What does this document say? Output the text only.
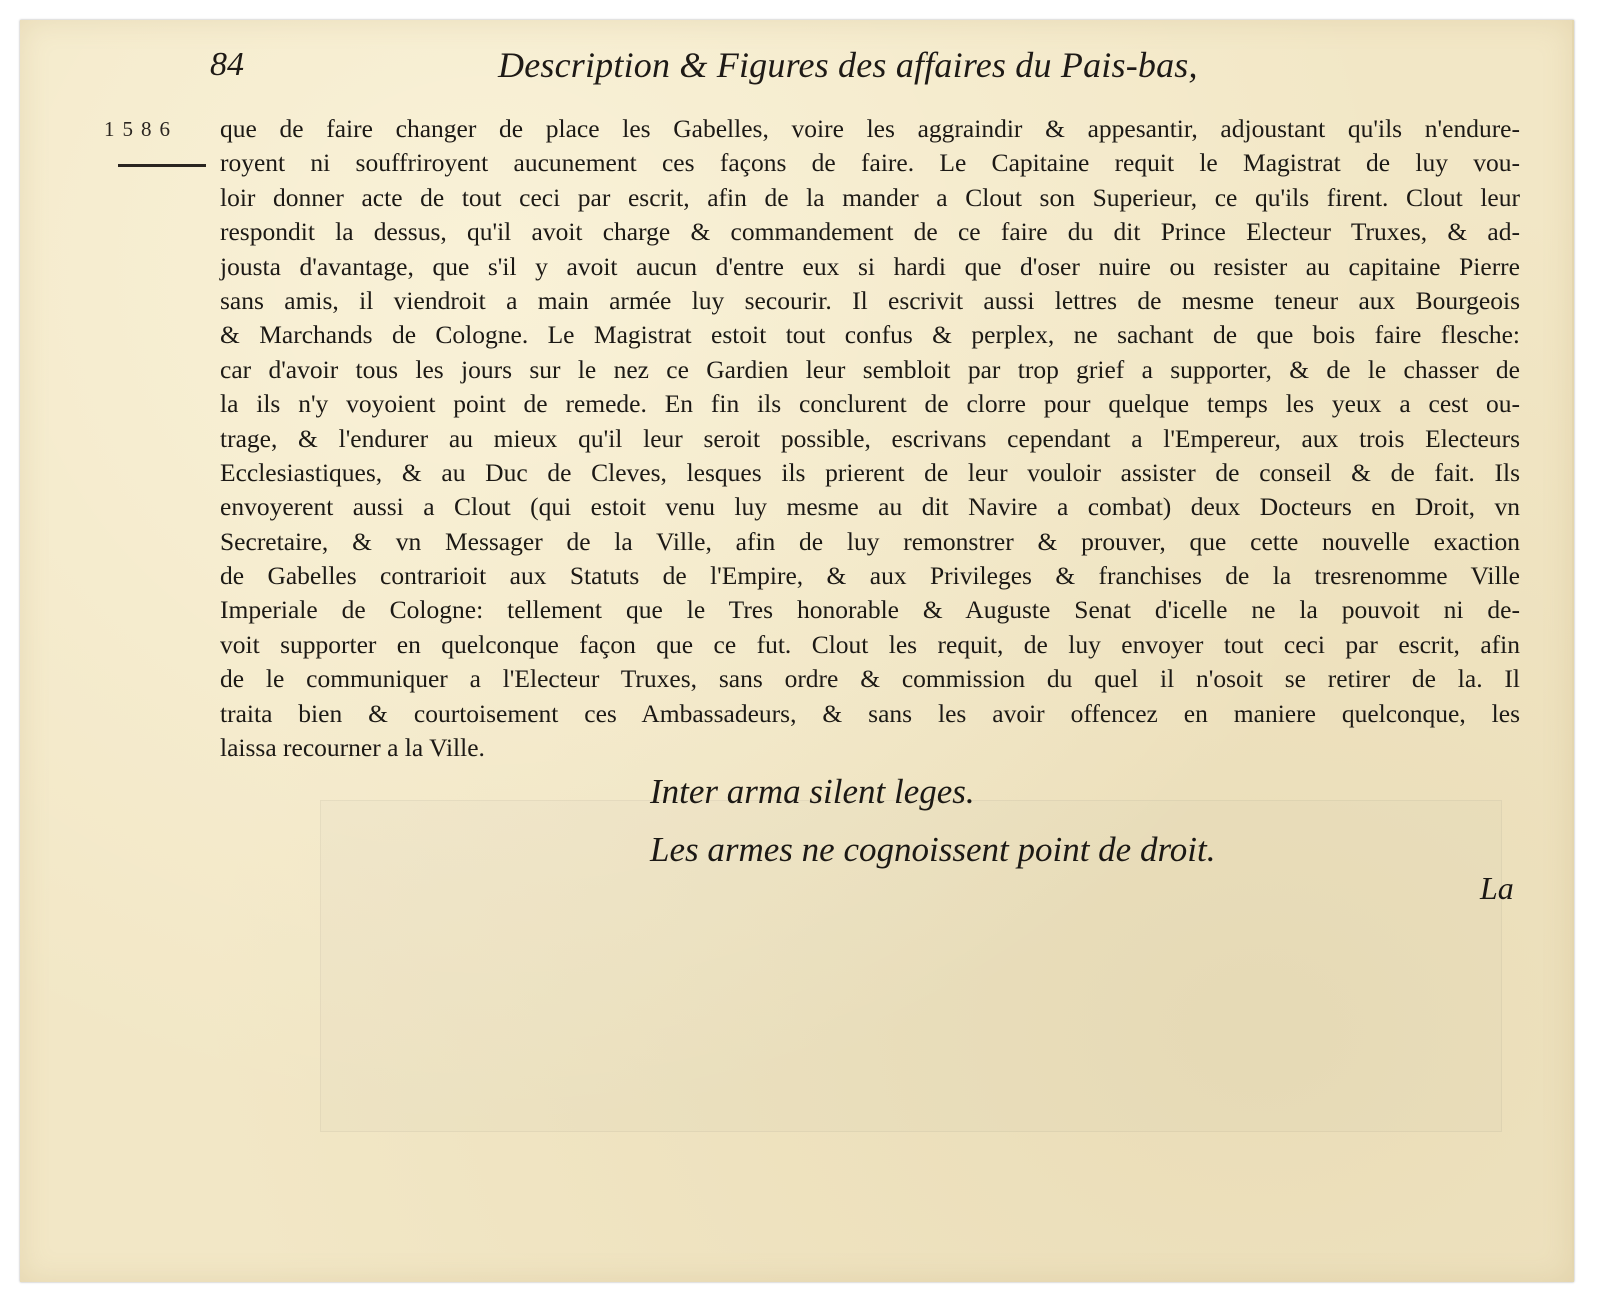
84	Description & Figures des affaires du Pais-bas,
1586 que de faire changer de place les Gabelles, voire les aggraindir & appesantir, adjoustant qu'ils n'endure-
royent ni souffriroyent aucunement ces façons de faire. Le Capitaine requit le Magistrat de luy vou-
loir donner acte de tout ceci par escrit, afin de la mander a Clout son Superieur, ce qu'ils firent. Clout leur
respondit la dessus, qu'il avoit charge & commandement de ce faire du dit Prince Electeur Truxes, & ad-
jousta d'avantage, que s'il y avoit aucun d'entre eux si hardi que d'oser nuire ou resister au capitaine Pierre
sans amis, il viendroit a main armée luy secourir. Il escrivit aussi lettres de mesme teneur aux Bourgeois
& Marchands de Cologne. Le Magistrat estoit tout confus & perplex, ne sachant de que bois faire flesche:
car d'avoir tous les jours sur le nez ce Gardien leur sembloit par trop grief a supporter, & de le chasser de
la ils n'y voyoient point de remede. En fin ils conclurent de clorre pour quelque temps les yeux a cest ou-
trage, & l'endurer au mieux qu'il leur seroit possible, escrivans cependant a l'Empereur, aux trois Electeurs
Ecclesiastiques, & au Duc de Cleves, lesques ils prierent de leur vouloir assister de conseil & de fait. Ils
envoyerent aussi a Clout (qui estoit venu luy mesme au dit Navire a combat) deux Docteurs en Droit, vn
Secretaire, & vn Messager de la Ville, afin de luy remonstrer & prouver, que cette nouvelle exaction
de Gabelles contrarioit aux Statuts de l'Empire, & aux Privileges & franchises de la tresrenomme Ville
Imperiale de Cologne: tellement que le Tres honorable & Auguste Senat d'icelle ne la pouvoit ni de-
voit supporter en quelconque façon que ce fut. Clout les requit, de luy envoyer tout ceci par escrit, afin
de le communiquer a l'Electeur Truxes, sans ordre & commission du quel il n'osoit se retirer de la. Il
traita bien & courtoisement ces Ambassadeurs, & sans les avoir offencez en maniere quelconque, les
laissa recourner a la Ville.
Inter arma silent leges.
Les armes ne cognoissent point de droit.
La
